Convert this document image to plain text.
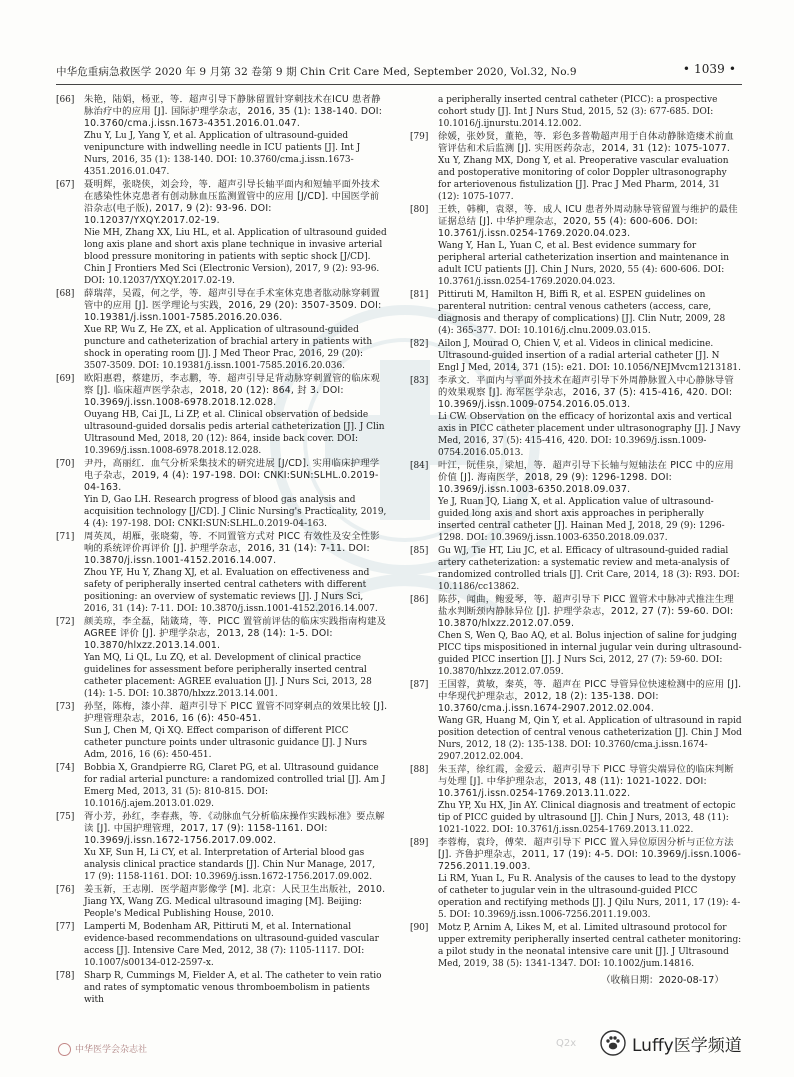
中华危重病急救医学 2020 年 9 月第 32 卷第 9 期 Chin Crit Care Med, September 2020, Vol.32, No.9	• 1039 •
[66] 朱艳，陆娟，杨亚，等．超声引导下静脉留置针穿刺技术在ICU 患者静脉治疗中的应用 [J]. 国际护理学杂志，2016, 35 (1): 138-140. DOI: 10.3760/cma.j.issn.1673-4351.2016.01.047.
Zhu Y, Lu J, Yang Y, et al. Application of ultrasound-guided venipuncture with indwelling needle in ICU patients [J]. Int J Nurs, 2016, 35 (1): 138-140. DOI: 10.3760/cma.j.issn.1673-4351.2016.01.047.
[67] 聂明辉，张晓侠，刘会玲，等．超声引导长轴平面内和短轴平面外技术在感染性休克患者有创动脉血压监测置管中的应用 [J/CD]. 中国医学前沿杂志(电子版), 2017, 9 (2): 93-96. DOI: 10.12037/YXQY.2017.02-19.
Nie MH, Zhang XX, Liu HL, et al. Application of ultrasound guided long axis plane and short axis plane technique in invasive arterial blood pressure monitoring in patients with septic shock [J/CD]. Chin J Frontiers Med Sci (Electronic Version), 2017, 9 (2): 93-96. DOI: 10.12037/YXQY.2017.02-19.
[68] 薛瑞萍，吴霞，何之学，等．超声引导在手术室休克患者肱动脉穿刺置管中的应用 [J]. 医学理论与实践，2016, 29 (20): 3507-3509. DOI: 10.19381/j.issn.1001-7585.2016.20.036.
Xue RP, Wu Z, He ZX, et al. Application of ultrasound-guided puncture and catheterization of brachial artery in patients with shock in operating room [J]. J Med Theor Prac, 2016, 29 (20): 3507-3509. DOI: 10.19381/j.issn.1001-7585.2016.20.036.
[69] 欧阳惠碧，蔡建历，李志鹏，等．超声引导足背动脉穿刺置管的临床观察 [J]. 临床超声医学杂志，2018, 20 (12): 864, 封 3. DOI: 10.3969/j.issn.1008-6978.2018.12.028.
Ouyang HB, Cai JL, Li ZP, et al. Clinical observation of bedside ultrasound-guided dorsalis pedis arterial catheterization [J]. J Clin Ultrasound Med, 2018, 20 (12): 864, inside back cover. DOI: 10.3969/j.issn.1008-6978.2018.12.028.
[70] 尹丹，高丽红．血气分析采集技术的研究进展 [J/CD]. 实用临床护理学电子杂志，2019, 4 (4): 197-198. DOI: CNKI:SUN:SLHL.0.2019-04-163.
Yin D, Gao LH. Research progress of blood gas analysis and acquisition technology [J/CD]. J Clinic Nursing's Practicality, 2019, 4 (4): 197-198. DOI: CNKI:SUN:SLHL.0.2019-04-163.
[71] 周英凤，胡雁，张晓菊，等．不同置管方式对 PICC 有效性及安全性影响的系统评价再评价 [J]. 护理学杂志，2016, 31 (14): 7-11. DOI: 10.3870/j.issn.1001-4152.2016.14.007.
Zhou YF, Hu Y, Zhang XJ, et al. Evaluation on effectiveness and safety of peripherally inserted central catheters with different positioning: an overview of systematic reviews [J]. J Nurs Sci, 2016, 31 (14): 7-11. DOI: 10.3870/j.issn.1001-4152.2016.14.007.
[72] 颜美琼，李全磊，陆箴琦，等．PICC 置管前评估的临床实践指南构建及 AGREE 评价 [J]. 护理学杂志，2013, 28 (14): 1-5. DOI: 10.3870/hlxzz.2013.14.001.
Yan MQ, Li QL, Lu ZQ, et al. Development of clinical practice guidelines for assessment before peripherally inserted central catheter placement: AGREE evaluation [J]. J Nurs Sci, 2013, 28 (14): 1-5. DOI: 10.3870/hlxzz.2013.14.001.
[73] 孙坚，陈梅，漆小萍．超声引导下 PICC 置管不同穿刺点的效果比较 [J]. 护理管理杂志，2016, 16 (6): 450-451.
Sun J, Chen M, Qi XQ. Effect comparison of different PICC catheter puncture points under ultrasonic guidance [J]. J Nurs Adm, 2016, 16 (6): 450-451.
[74] Bobbia X, Grandpierre RG, Claret PG, et al. Ultrasound guidance for radial arterial puncture: a randomized controlled trial [J]. Am J Emerg Med, 2013, 31 (5): 810-815. DOI: 10.1016/j.ajem.2013.01.029.
[75] 胥小芳，孙红，李春燕，等．《动脉血气分析临床操作实践标准》要点解读 [J]. 中国护理管理，2017, 17 (9): 1158-1161. DOI: 10.3969/j.issn.1672-1756.2017.09.002.
Xu XF, Sun H, Li CY, et al. Interpretation of Arterial blood gas analysis clinical practice standards [J]. Chin Nur Manage, 2017, 17 (9): 1158-1161. DOI: 10.3969/j.issn.1672-1756.2017.09.002.
[76] 姜玉新，王志刚．医学超声影像学 [M]. 北京：人民卫生出版社，2010.
Jiang YX, Wang ZG. Medical ultrasound imaging [M]. Beijing: People's Medical Publishing House, 2010.
[77] Lamperti M, Bodenham AR, Pittiruti M, et al. International evidence-based recommendations on ultrasound-guided vascular access [J]. Intensive Care Med, 2012, 38 (7): 1105-1117. DOI: 10.1007/s00134-012-2597-x.
[78] Sharp R, Cummings M, Fielder A, et al. The catheter to vein ratio and rates of symptomatic venous thromboembolism in patients with
a peripherally inserted central catheter (PICC): a prospective cohort study [J]. Int J Nurs Stud, 2015, 52 (3): 677-685. DOI: 10.1016/j.ijnurstu.2014.12.002.
[79] 徐媛，张妙贤，董艳，等．彩色多普勒超声用于自体动静脉造瘘术前血管评估和术后监测 [J]. 实用医药杂志，2014, 31 (12): 1075-1077.
Xu Y, Zhang MX, Dong Y, et al. Preoperative vascular evaluation and postoperative monitoring of color Doppler ultrasonography for arteriovenous fistulization [J]. Prac J Med Pharm, 2014, 31 (12): 1075-1077.
[80] 王轶，韩柳，袁翠，等．成人 ICU 患者外周动脉导管留置与维护的最佳证据总结 [J]. 中华护理杂志，2020, 55 (4): 600-606. DOI: 10.3761/j.issn.0254-1769.2020.04.023.
Wang Y, Han L, Yuan C, et al. Best evidence summary for peripheral arterial catheterization insertion and maintenance in adult ICU patients [J]. Chin J Nurs, 2020, 55 (4): 600-606. DOI: 10.3761/j.issn.0254-1769.2020.04.023.
[81] Pittiruti M, Hamilton H, Biffi R, et al. ESPEN guidelines on parenteral nutrition: central venous catheters (access, care, diagnosis and therapy of complications) [J]. Clin Nutr, 2009, 28 (4): 365-377. DOI: 10.1016/j.clnu.2009.03.015.
[82] Ailon J, Mourad O, Chien V, et al. Videos in clinical medicine. Ultrasound-guided insertion of a radial arterial catheter [J]. N Engl J Med, 2014, 371 (15): e21. DOI: 10.1056/NEJMvcm1213181.
[83] 李承文．平面内与平面外技术在超声引导下外周静脉置入中心静脉导管的效果观察 [J]. 海军医学杂志，2016, 37 (5): 415-416, 420. DOI: 10.3969/j.issn.1009-0754.2016.05.013.
Li CW. Observation on the efficacy of horizontal axis and vertical axis in PICC catheter placement under ultrasonography [J]. J Navy Med, 2016, 37 (5): 415-416, 420. DOI: 10.3969/j.issn.1009-0754.2016.05.013.
[84] 叶江，阮佳泉，梁旭，等．超声引导下长轴与短轴法在 PICC 中的应用价值 [J]. 海南医学，2018, 29 (9): 1296-1298. DOI: 10.3969/j.issn.1003-6350.2018.09.037.
Ye J, Ruan JQ, Liang X, et al. Application value of ultrasound-guided long axis and short axis approaches in peripherally inserted central catheter [J]. Hainan Med J, 2018, 29 (9): 1296-1298. DOI: 10.3969/j.issn.1003-6350.2018.09.037.
[85] Gu WJ, Tie HT, Liu JC, et al. Efficacy of ultrasound-guided radial artery catheterization: a systematic review and meta-analysis of randomized controlled trials [J]. Crit Care, 2014, 18 (3): R93. DOI: 10.1186/cc13862.
[86] 陈莎，闻曲，鲍爱琴，等．超声引导下 PICC 置管术中脉冲式推注生理盐水判断颈内静脉异位 [J]. 护理学杂志，2012, 27 (7): 59-60. DOI: 10.3870/hlxzz.2012.07.059.
Chen S, Wen Q, Bao AQ, et al. Bolus injection of saline for judging PICC tips mispositioned in internal jugular vein during ultrasound-guided PICC insertion [J]. J Nurs Sci, 2012, 27 (7): 59-60. DOI: 10.3870/hlxzz.2012.07.059.
[87] 王国蓉，黄敏，秦英，等．超声在 PICC 导管异位快速检测中的应用 [J]. 中华现代护理杂志，2012, 18 (2): 135-138. DOI: 10.3760/cma.j.issn.1674-2907.2012.02.004.
Wang GR, Huang M, Qin Y, et al. Application of ultrasound in rapid position detection of central venous catheterization [J]. Chin J Mod Nurs, 2012, 18 (2): 135-138. DOI: 10.3760/cma.j.issn.1674-2907.2012.02.004.
[88] 朱玉萍，徐红霞，金爱云．超声引导下 PICC 导管尖端异位的临床判断与处理 [J]. 中华护理杂志，2013, 48 (11): 1021-1022. DOI: 10.3761/j.issn.0254-1769.2013.11.022.
Zhu YP, Xu HX, Jin AY. Clinical diagnosis and treatment of ectopic tip of PICC guided by ultrasound [J]. Chin J Nurs, 2013, 48 (11): 1021-1022. DOI: 10.3761/j.issn.0254-1769.2013.11.022.
[89] 李蓉梅，袁玲，傅荣．超声引导下 PICC 置入异位原因分析与正位方法 [J]. 齐鲁护理杂志，2011, 17 (19): 4-5. DOI: 10.3969/j.issn.1006-7256.2011.19.003.
Li RM, Yuan L, Fu R. Analysis of the causes to lead to the dystopy of catheter to jugular vein in the ultrasound-guided PICC operation and rectifying methods [J]. J Qilu Nurs, 2011, 17 (19): 4-5. DOI: 10.3969/j.issn.1006-7256.2011.19.003.
[90] Motz P, Arnim A, Likes M, et al. Limited ultrasound protocol for upper extremity peripherally inserted central catheter monitoring: a pilot study in the neonatal intensive care unit [J]. J Ultrasound Med, 2019, 38 (5): 1341-1347. DOI: 10.1002/jum.14816.
（收稿日期：2020-08-17）
中华医学会杂志社
Q2x	Luffy医学频道
